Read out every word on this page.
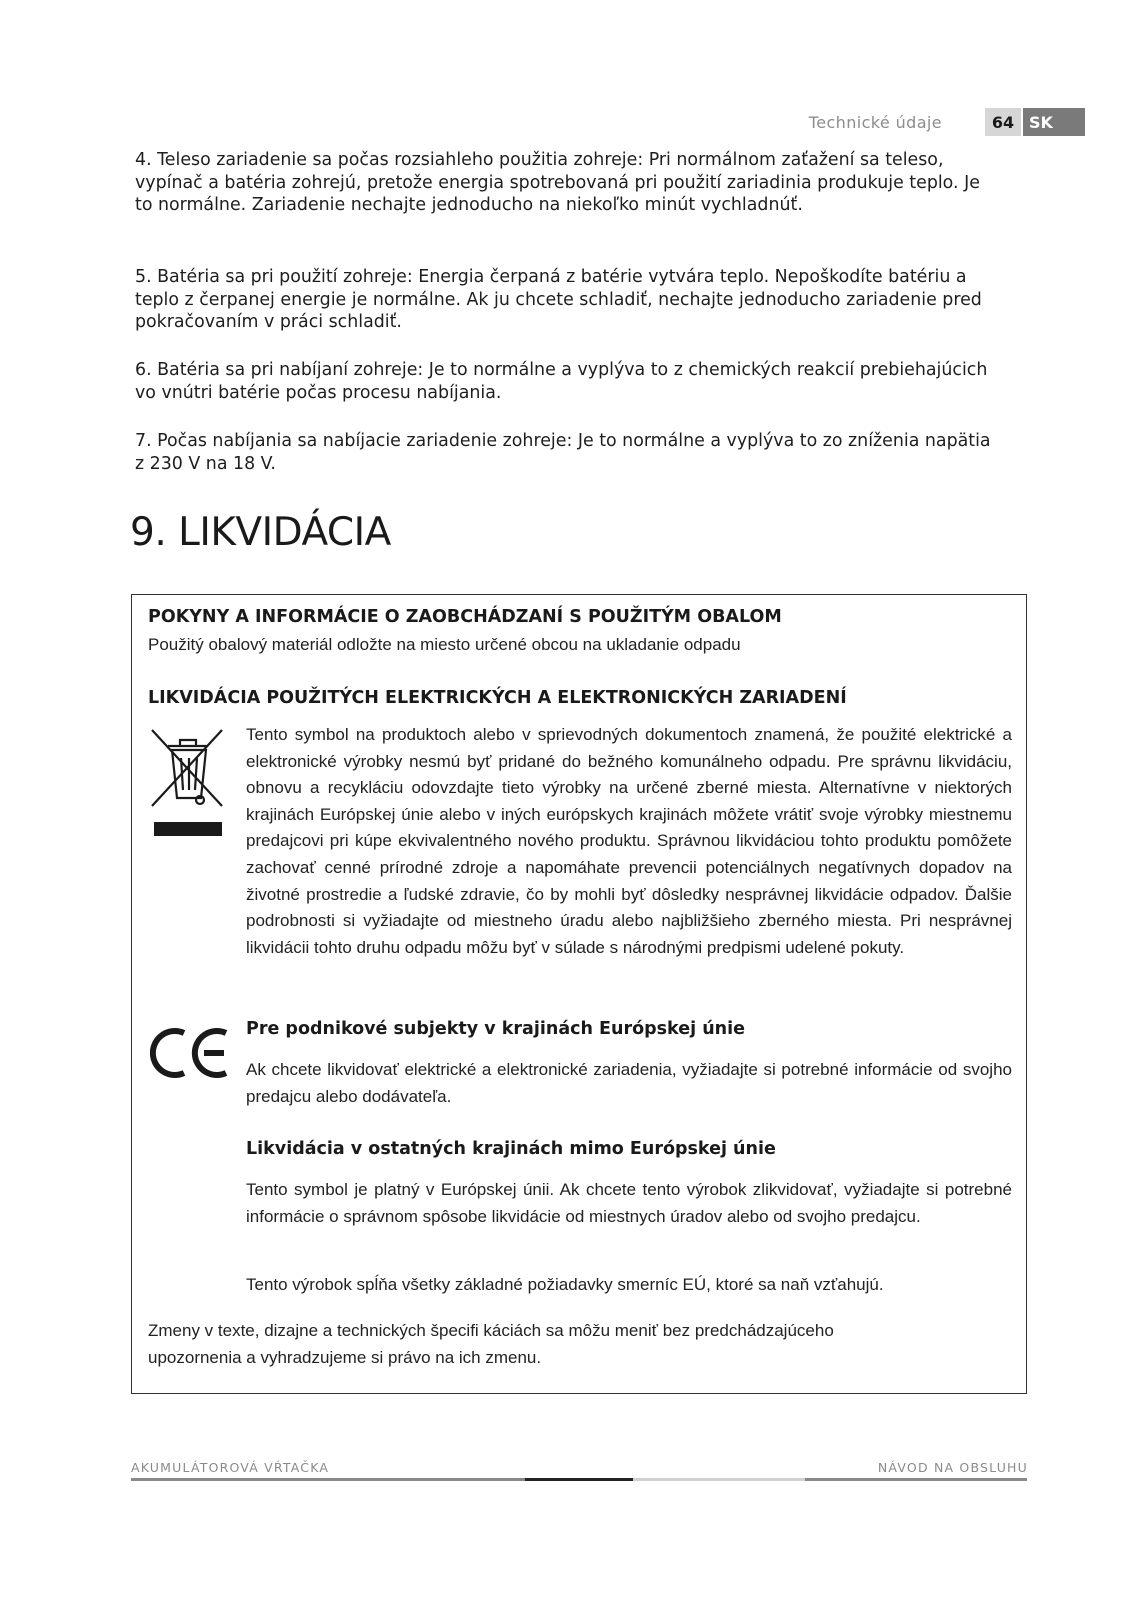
Technické údaje	64 SK

4. Teleso zariadenie sa počas rozsiahleho použitia zohreje: Pri normálnom zaťažení sa teleso, vypínač a batéria zohrejú, pretože energia spotrebovaná pri použití zariadinia produkuje teplo. Je to normálne. Zariadenie nechajte jednoducho na niekoľko minút vychladnúť.

5. Batéria sa pri použití zohreje: Energia čerpaná z batérie vytvára teplo. Nepoškodíte batériu a teplo z čerpanej energie je normálne. Ak ju chcete schladiť, nechajte jednoducho zariadenie pred pokračovaním v práci schladiť.

6. Batéria sa pri nabíjaní zohreje: Je to normálne a vyplýva to z chemických reakcií prebiehajúcich vo vnútri batérie počas procesu nabíjania.

7. Počas nabíjania sa nabíjacie zariadenie zohreje: Je to normálne a vyplýva to zo zníženia napätia z 230 V na 18 V.

9. LIKVIDÁCIA

POKYNY A INFORMÁCIE O ZAOBCHÁDZANÍ S POUŽITÝM OBALOM

Použitý obalový materiál odložte na miesto určené obcou na ukladanie odpadu

LIKVIDÁCIA POUŽITÝCH ELEKTRICKÝCH A ELEKTRONICKÝCH ZARIADENÍ

Tento symbol na produktoch alebo v sprievodných dokumentoch znamená, že použité elektrické a elektronické výrobky nesmú byť pridané do bežného komunálneho odpadu. Pre správnu likvidáciu, obnovu a recykláciu odovzdajte tieto výrobky na určené zberné miesta. Alternatívne v niektorých krajinách Európskej únie alebo v iných európskych krajinách môžete vrátiť svoje výrobky miestnemu predajcovi pri kúpe ekvivalentného nového produktu. Správnou likvidáciou tohto produktu pomôžete zachovať cenné prírodné zdroje a napomáhate prevencii potenciálnych negatívnych dopadov na životné prostredie a ľudské zdravie, čo by mohli byť dôsledky nesprávnej likvidácie odpadov. Ďalšie podrobnosti si vyžiadajte od miestneho úradu alebo najbližšieho zberného miesta. Pri nesprávnej likvidácii tohto druhu odpadu môžu byť v súlade s národnými predpismi udelené pokuty.

Pre podnikové subjekty v krajinách Európskej únie

Ak chcete likvidovať elektrické a elektronické zariadenia, vyžiadajte si potrebné informácie od svojho predajcu alebo dodávateľa.

Likvidácia v ostatných krajinách mimo Európskej únie

Tento symbol je platný v Európskej únii. Ak chcete tento výrobok zlikvidovať, vyžiadajte si potrebné informácie o správnom spôsobe likvidácie od miestnych úradov alebo od svojho predajcu.

Tento výrobok spĺňa všetky základné požiadavky smerníc EÚ, ktoré sa naň vzťahujú.

Zmeny v texte, dizajne a technických špecifi káciách sa môžu meniť bez predchádzajúceho upozornenia a vyhradzujeme si právo na ich zmenu.

AKUMULÁTOROVÁ VŔTAČKA	NÁVOD NA OBSLUHU
